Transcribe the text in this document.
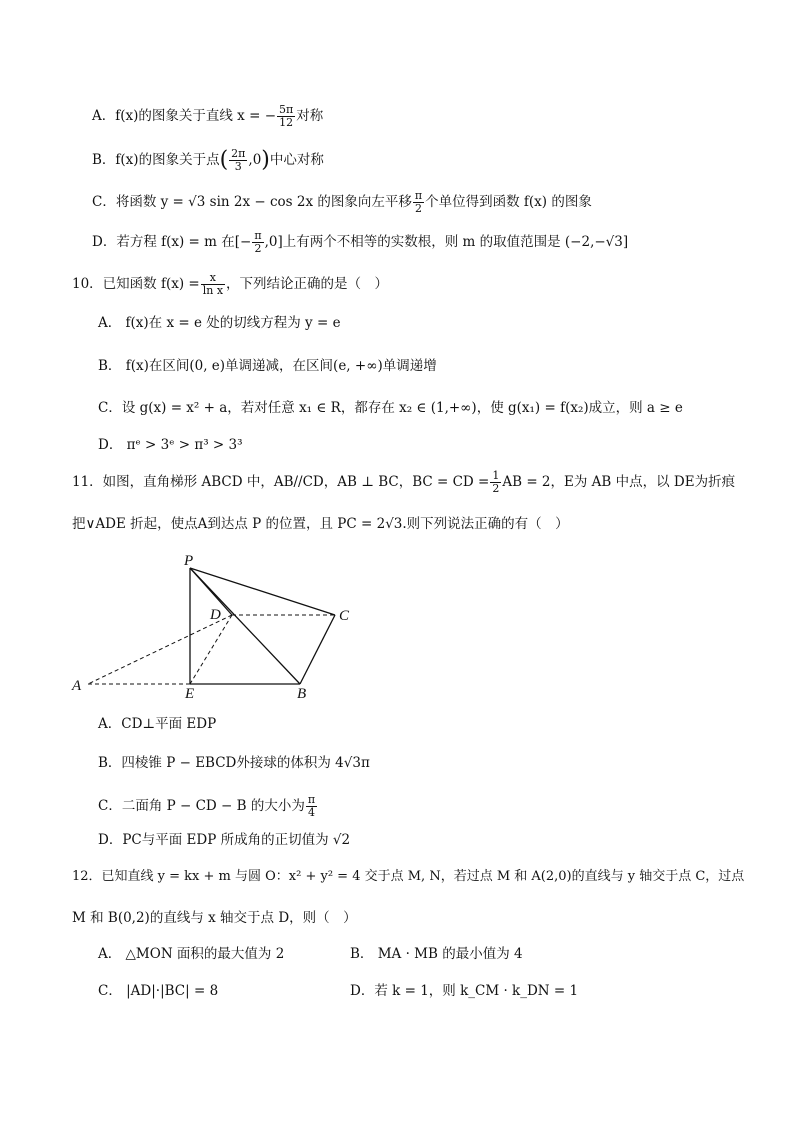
A．f(x)的图象关于直线 x = − $\frac{5\pi}{12}$ 对称
B．f(x)的图象关于点( $\frac{2\pi}{3} ,0$)中心对称
C．将函数 y = √3 sin 2x − cos 2x 的图象向左平移 $\frac{\pi}{2}$ 个单位得到函数 f(x) 的图象
D．若方程 f(x) = m 在[− $\frac{\pi}{2} ,0$]上有两个不相等的实数根，则 m 的取值范围是 (−2,−√3]
10．已知函数 $f(x) = \frac{x}{\text{ln x}}$ ，下列结论正确的是（　）
A． f(x)在 x = e 处的切线方程为 y = e
B． f(x)在区间(0, e)单调递减，在区间(e, +∞)单调递增
C．设 g(x) = x² + a，若对任意 x₁ ∈ R，都存在 x₂ ∈ (1,+∞)，使 g(x₁) = f(x₂)成立，则 a ≥ e
D． πᵉ > 3ᵉ > π³ > 3³
11．如图，直角梯形 ABCD 中，AB//CD，AB ⊥ BC，BC = CD = $\frac{1}{2}$ AB = 2，E为 AB 中点，以 DE为折痕
把∨ADE 折起，使点A到达点 P 的位置，且 PC = 2√3.则下列说法正确的有（　）
P
D	C
A	E	B
A．CD⊥平面 EDP
B．四棱锥 P − EBCD外接球的体积为 4√3π
C．二面角 P − CD − B 的大小为 $\frac{\pi}{4}$
D．PC与平面 EDP 所成角的正切值为 √2
12．已知直线 y = kx + m 与圆 O：x² + y² = 4 交于点 M, N，若过点 M 和 A(2,0)的直线与 y 轴交于点 C，过点
M 和 B(0,2)的直线与 x 轴交于点 D，则（　）
A． △MON 面积的最大值为 2	B． MA · MB 的最小值为 4
C． |AD|·|BC| = 8	D．若 k = 1，则 k_CM · k_DN = 1
